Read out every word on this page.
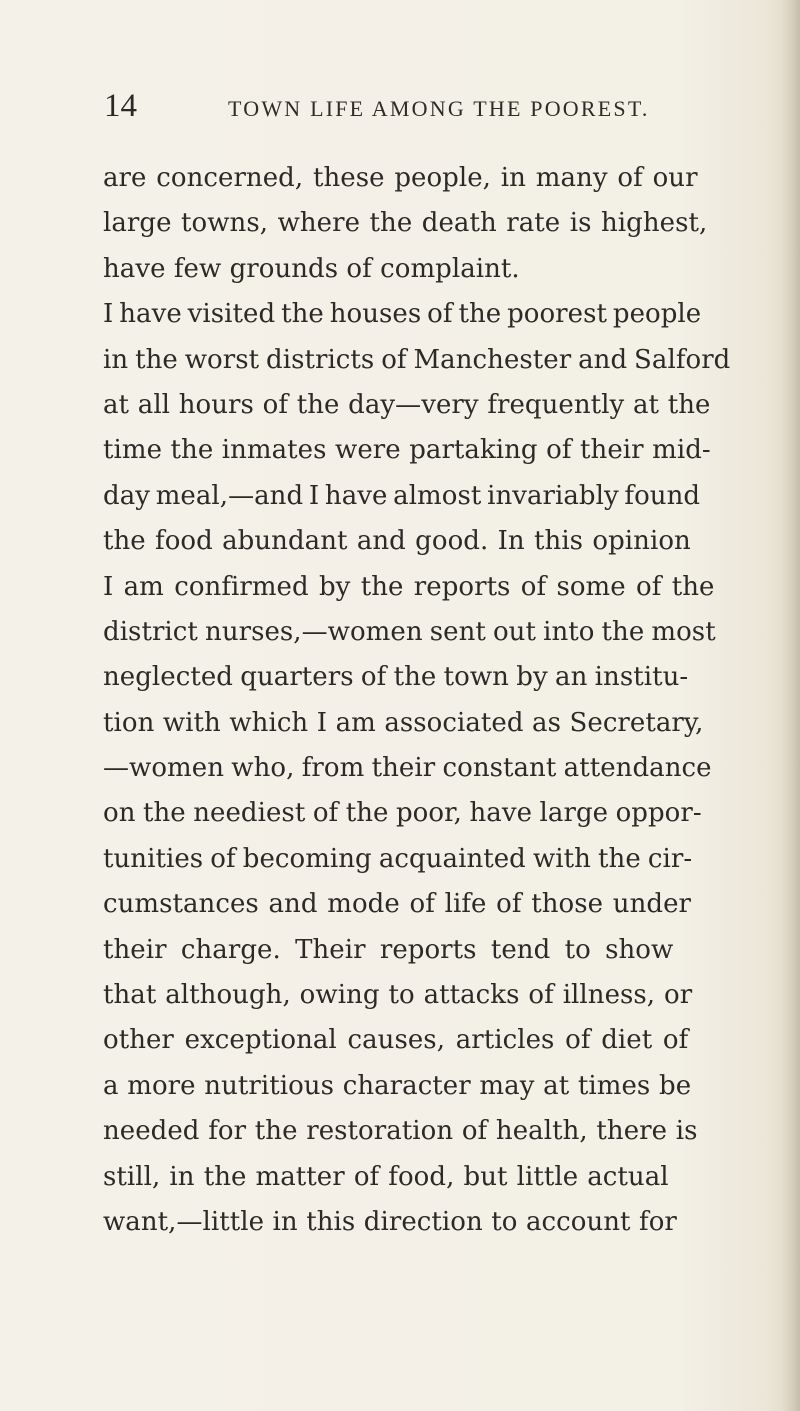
14	TOWN LIFE AMONG THE POOREST.
are concerned, these people, in many of our
large towns, where the death rate is highest,
have few grounds of complaint.
I have visited the houses of the poorest people
in the worst districts of Manchester and Salford
at all hours of the day—very frequently at the
time the inmates were partaking of their mid-
day meal,—and I have almost invariably found
the food abundant and good. In this opinion
I am confirmed by the reports of some of the
district nurses,—women sent out into the most
neglected quarters of the town by an institu-
tion with which I am associated as Secretary,
—women who, from their constant attendance
on the neediest of the poor, have large oppor-
tunities of becoming acquainted with the cir-
cumstances and mode of life of those under
their charge. Their reports tend to show
that although, owing to attacks of illness, or
other exceptional causes, articles of diet of
a more nutritious character may at times be
needed for the restoration of health, there is
still, in the matter of food, but little actual
want,—little in this direction to account for
